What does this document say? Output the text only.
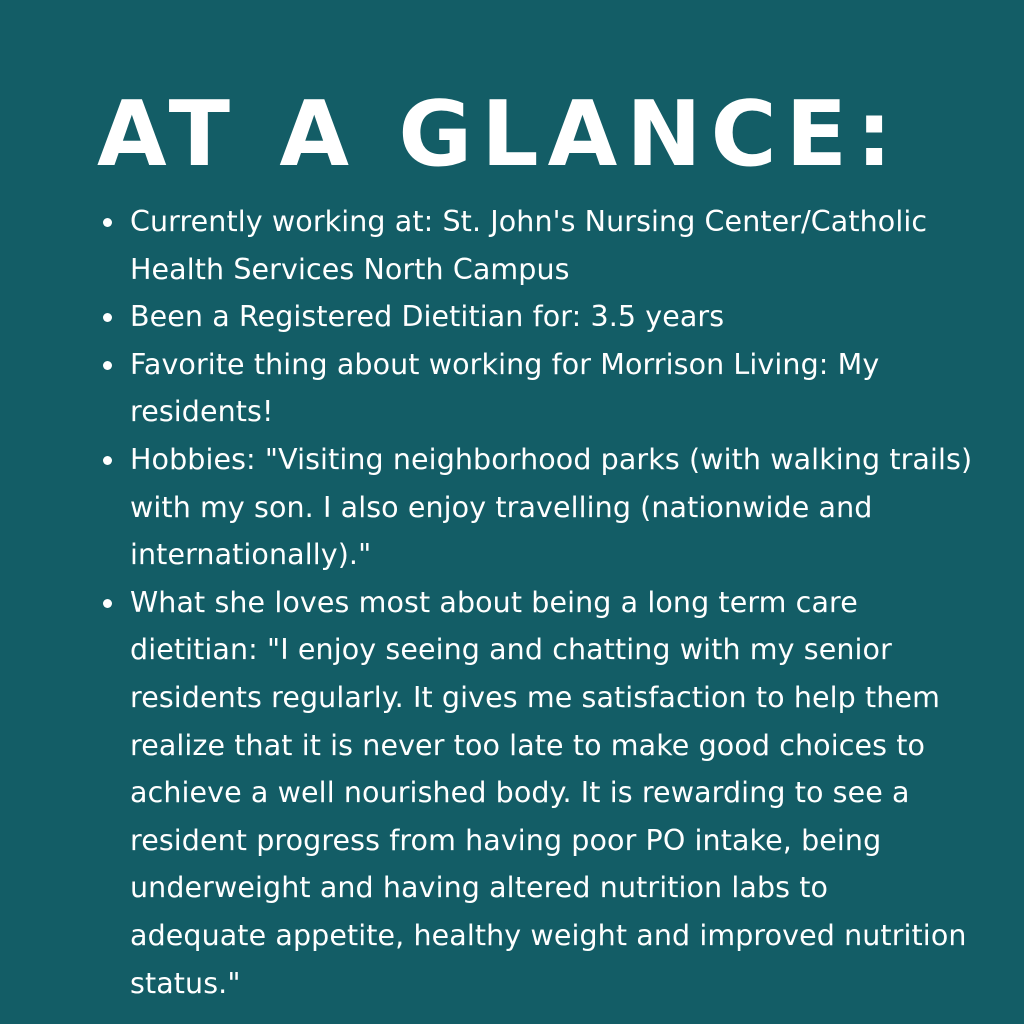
AT A GLANCE:
Currently working at: St. John's Nursing Center/Catholic Health Services North Campus
Been a Registered Dietitian for: 3.5 years
Favorite thing about working for Morrison Living: My residents!
Hobbies: "Visiting neighborhood parks (with walking trails) with my son. I also enjoy travelling (nationwide and internationally)."
What she loves most about being a long term care dietitian: "I enjoy seeing and chatting with my senior residents regularly. It gives me satisfaction to help them realize that it is never too late to make good choices to achieve a well nourished body. It is rewarding to see a resident progress from having poor PO intake, being underweight and having altered nutrition labs to adequate appetite, healthy weight and improved nutrition status."
